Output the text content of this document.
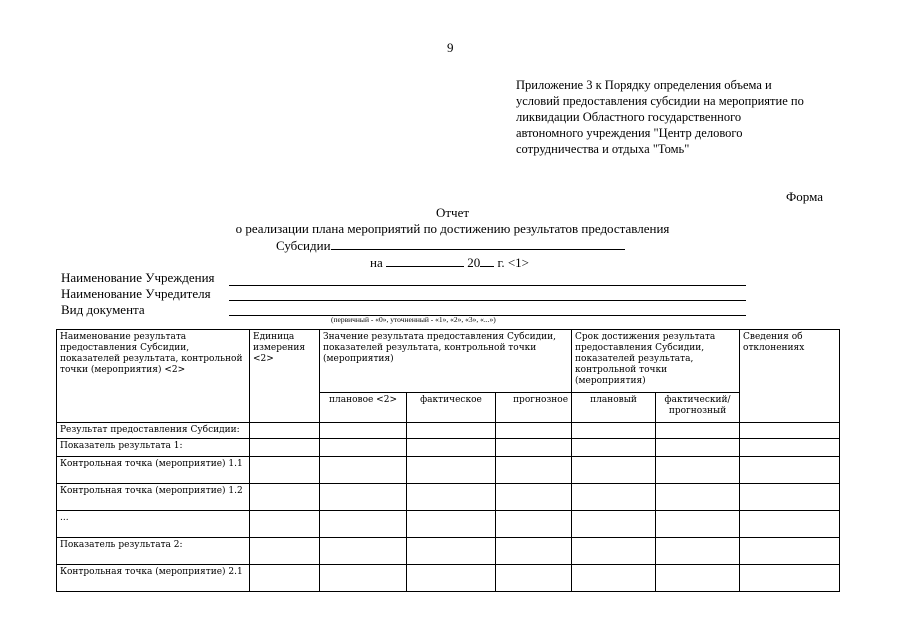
9
Приложение 3 к Порядку определения объема и
условий предоставления субсидии на мероприятие по
ликвидации Областного государственного
автономного учреждения "Центр делового
сотрудничества и отдыха "Томь"
Форма
Отчет
о реализации плана мероприятий по достижению результатов предоставления
Субсидии
на	20 г. <1>
Наименование Учреждения
Наименование Учредителя
Вид документа
(первичный - «0», уточненный - «1», «2», «3», «...»)
Наименование результата предоставления Субсидии, показателей результата, контрольной точки (мероприятия) <2>	Единица измерения <2>	Значение результата предоставления Субсидии, показателей результата, контрольной точки (мероприятия)			Срок достижения результата предоставления Субсидии, показателей результата, контрольной точки (мероприятия)		Сведения об отклонениях
		плановое <2>	фактическое	прогнозное	плановый	фактический/ прогнозный	
Результат предоставления Субсидии:							
Показатель результата 1:							
Контрольная точка (мероприятие) 1.1							
Контрольная точка (мероприятие) 1.2							
...							
Показатель результата 2:							
Контрольная точка (мероприятие) 2.1							
